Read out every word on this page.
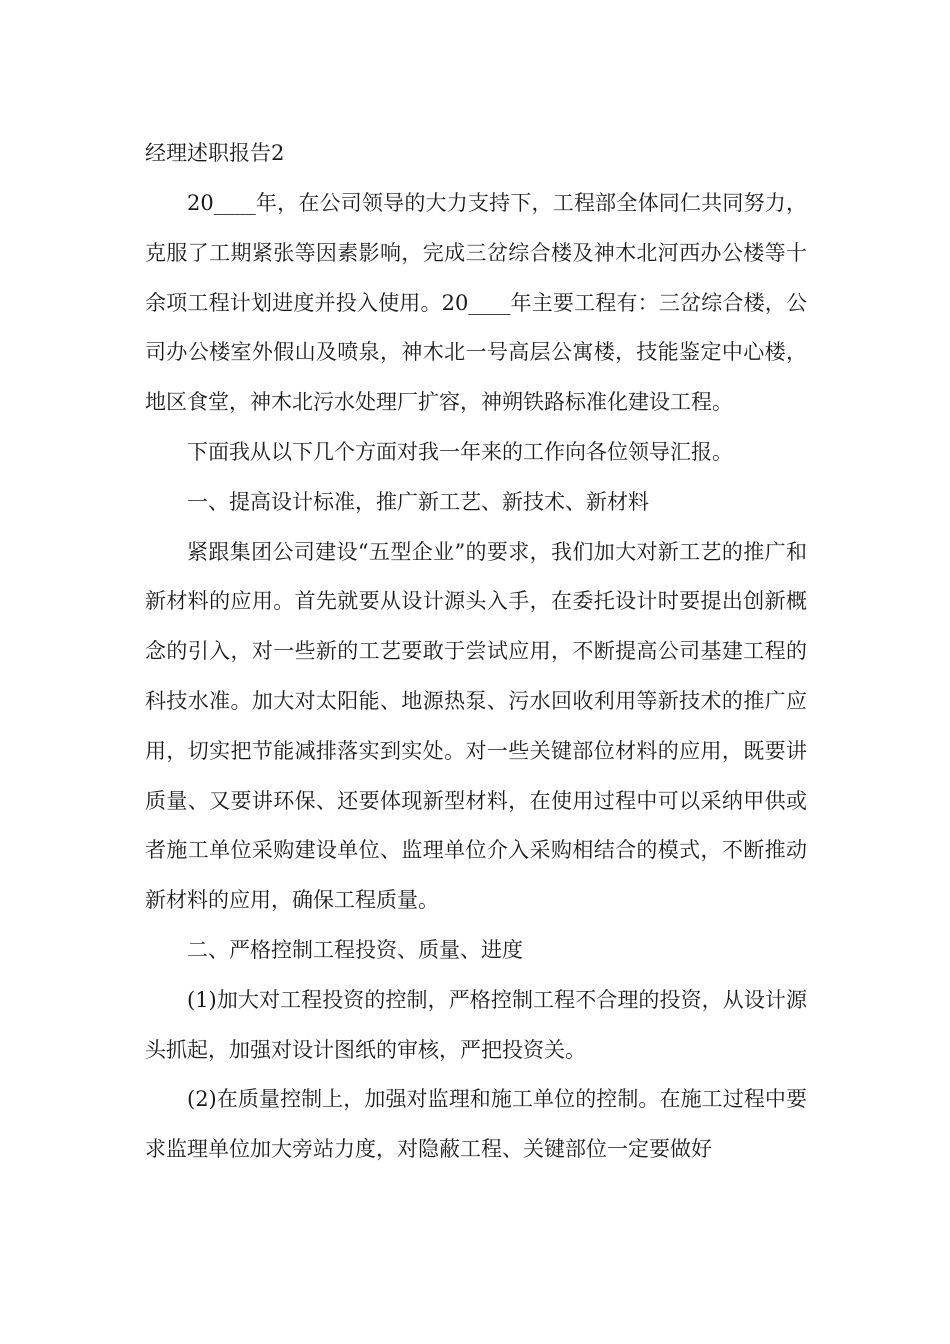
经理述职报告2

20____年，在公司领导的大力支持下，工程部全体同仁共同努力，克服了工期紧张等因素影响，完成三岔综合楼及神木北河西办公楼等十余项工程计划进度并投入使用。20____年主要工程有：三岔综合楼，公司办公楼室外假山及喷泉，神木北一号高层公寓楼，技能鉴定中心楼，地区食堂，神木北污水处理厂扩容，神朔铁路标准化建设工程。

下面我从以下几个方面对我一年来的工作向各位领导汇报。

一、提高设计标准，推广新工艺、新技术、新材料

紧跟集团公司建设“五型企业”的要求，我们加大对新工艺的推广和新材料的应用。首先就要从设计源头入手，在委托设计时要提出创新概念的引入，对一些新的工艺要敢于尝试应用，不断提高公司基建工程的科技水准。加大对太阳能、地源热泵、污水回收利用等新技术的推广应用，切实把节能减排落实到实处。对一些关键部位材料的应用，既要讲质量、又要讲环保、还要体现新型材料，在使用过程中可以采纳甲供或者施工单位采购建设单位、监理单位介入采购相结合的模式，不断推动新材料的应用，确保工程质量。

二、严格控制工程投资、质量、进度

(1)加大对工程投资的控制，严格控制工程不合理的投资，从设计源头抓起，加强对设计图纸的审核，严把投资关。

(2)在质量控制上，加强对监理和施工单位的控制。在施工过程中要求监理单位加大旁站力度，对隐蔽工程、关键部位一定要做好
